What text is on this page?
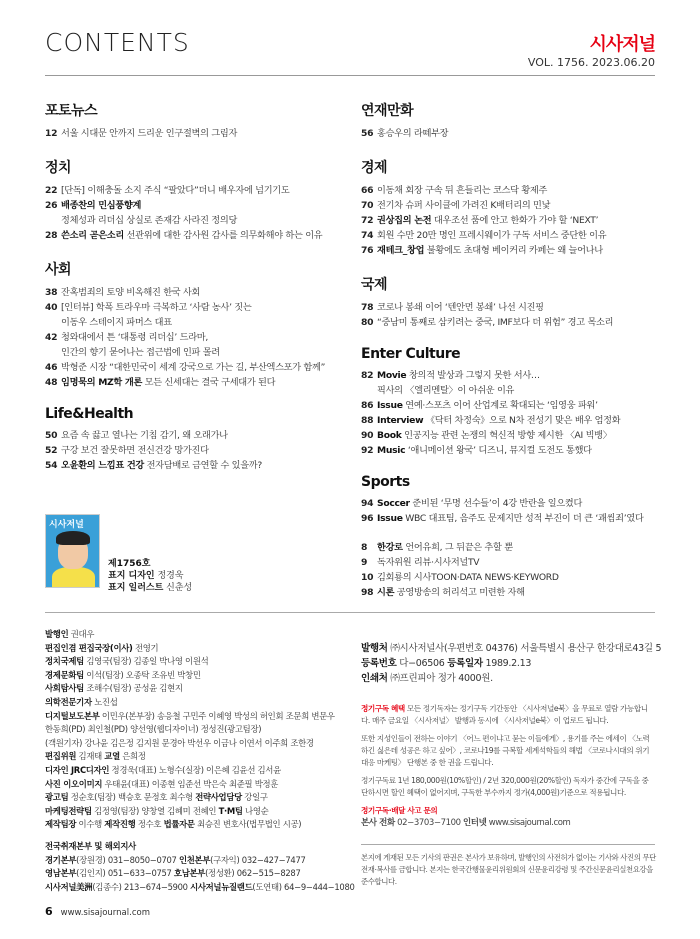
CONTENTS	시사저널
VOL. 1756. 2023.06.20
포토뉴스
12 서울 시대문 안까지 드리운 인구절벽의 그림자
정치
22 [단독] 이해충돌 소지 주식 “팔았다”더니 배우자에 넘기기도
26 배종찬의 민심풍향계
정체성과 리더십 상실로 존재감 사라진 정의당
28 쓴소리 곧은소리 선관위에 대한 감사원 감사를 의무화해야 하는 이유
사회
38 잔혹범죄의 토양 비옥해진 한국 사회
40 [인터뷰] 학폭 트라우마 극복하고 ‘사람 농사’ 짓는
이동우 스테이지 파머스 대표
42 청와대에서 튼 ‘대통령 리더십’ 드라마,
인간의 향기 묻어나는 접근법에 인파 몰려
46 박형준 시장 “대한민국이 세계 강국으로 가는 길, 부산엑스포가 함께”
48 임명묵의 MZ학 개론 모든 신세대는 결국 구세대가 된다
Life&Health
50 요즘 속 끓고 열나는 기침 감기, 왜 오래가나
52 구강 보건 잘못하면 전신건강 망가진다
54 오윤환의 느낌표 건강 전자담배로 금연할 수 있을까?
연재만화
56 홍승우의 라떼부장
경제
66 이동채 회장 구속 뒤 흔들리는 코스닥 황제주
70 전기차 슈퍼 사이클에 가려진 K배터리의 민낯
72 권상집의 논전 대우조선 품에 안고 한화가 가야 할 ‘NEXT’
74 회원 수만 20만 명인 프레시웨이가 구독 서비스 중단한 이유
76 재테크_창업 불황에도 초대형 베이커리 카페는 왜 늘어나나
국제
78 코로나 봉쇄 이어 ‘텐안먼 봉쇄’ 나선 시진핑
80 “중남미 통째로 삼키려는 중국, IMF보다 더 위험” 경고 목소리
Enter Culture
82 Movie 창의적 발상과 그렇지 못한 서사…
픽사의 〈엘리멘탈〉이 아쉬운 이유
86 Issue 연예·스포츠 이어 산업계로 확대되는 ‘임영웅 파워’
88 Interview 《닥터 차정숙》으로 N차 전성기 맞은 배우 엄정화
90 Book 인공지능 관련 논쟁의 혁신적 방향 제시한 〈AI 빅뱅〉
92 Music ‘애니메이션 왕국’ 디즈니, 뮤지컬 도전도 통했다
Sports
94 Soccer 준비된 ‘무명 선수들’이 4강 반란을 일으켰다
96 Issue WBC 대표팀, 음주도 문제지만 성적 부진이 더 큰 ‘괘씸죄’였다
8	한강로 언어유희, 그 뒤끝은 추할 뿐
9	독자위원 리뷰·시사저널TV
10 김회룡의 시사TOON·DATA NEWS·KEYWORD
98 시론 공영방송의 허리석고 미련한 자해
시사저널
제1756호
표지 디자인 정경욱
표지 일러스트 신춘성
발행인 권대우
편집인겸 편집국장(이사) 전영기
정치국제팀 김영국(팀장) 김종일 박나영 이원석
경제문화팀 이석(팀장) 오종탁 조유빈 박창민
사회탐사팀 조해수(팀장) 공성윤 김현지
의학전문기자 노진섭
디지털보도본부 이민우(본부장) 송응철 구민주 이혜영 박성의 허인회 조문희 변문우
한동희(PD) 최인철(PD) 양선영(웹디자이너) 정성진(광고팀장)
(객원기자) 강나윤 김은정 김지원 문경아 박선우 이금나 이연서 이주희 조한경
편집위원 김재태 교열 은희정
디자인 JRC디자인 정경욱(대표) 노형수(실장) 이은혜 김윤선 김서윤
사진 이오이미지 우태윤(대표) 이종현 임준선 박은숙 최준필 박정훈
광고팀 정순호(팀장) 백승호 문정호 최수형 전략사업담당 강일구
마케팅전략팀 김정영(팀장) 양창열 김혜미 전혜인 T·M팀 나영순
제작팀장 이수행 제작진행 정수호 법률자문 최승진 변호사(법무법인 시공)
전국취재본부 및 해외지사
경기본부(장원경) 031−8050−0707 인천본부(구자익) 032−427−7477
영남본부(김인지) 051−633−0757 호남본부(정성환) 062−515−8287
시사저널美洲(김종수) 213−674−5900 시사저널뉴질랜드(도연태) 64−9−444−1080
발행처 ㈜시사저널사(우편번호 04376) 서울특별시 용산구 한강대로43길 5
등록번호 다−06506 등록일자 1989.2.13
인쇄처 ㈜프린피아 정가 4000원.

정기구독 혜택 모든 정기독자는 정기구독 기간동안 〈시사저널e북〉을 무료로 열람 가능합니다. 매주 금요일 〈시사저널〉 발행과 동시에 〈시사저널e북〉이 업로드 됩니다.

또한 지성인들이 전하는 이야기 〈어느 편이냐고 묻는 이들에게〉, 용기를 주는 에세이 〈노력하긴 싫은데 성공은 하고 싶어〉, 코로나19를 극복할 세계석학들의 해법 〈코로나시대의 위기대응 마케팅〉 단행본 중 한 권을 드립니다.

정기구독료 1년 180,000원(10%할인) / 2년 320,000원(20%할인) 독자가 중간에 구독을 중단하시면 할인 혜택이 없어지며, 구독한 부수까지 정가(4,000원)기준으로 적용됩니다.

정기구독·배달 사고 문의
본사 전화 02−3703−7100 인터넷 www.sisajournal.com
본지에 게재된 모든 기사의 판권은 본사가 보유하며, 발행인의 사전허가 없이는 기사와 사진의 무단 전재·복사를 금합니다. 본지는 한국간행물윤리위원회의 신문윤리강령 및 주간신문윤리실천요강을 준수합니다.
6 www.sisajournal.com
